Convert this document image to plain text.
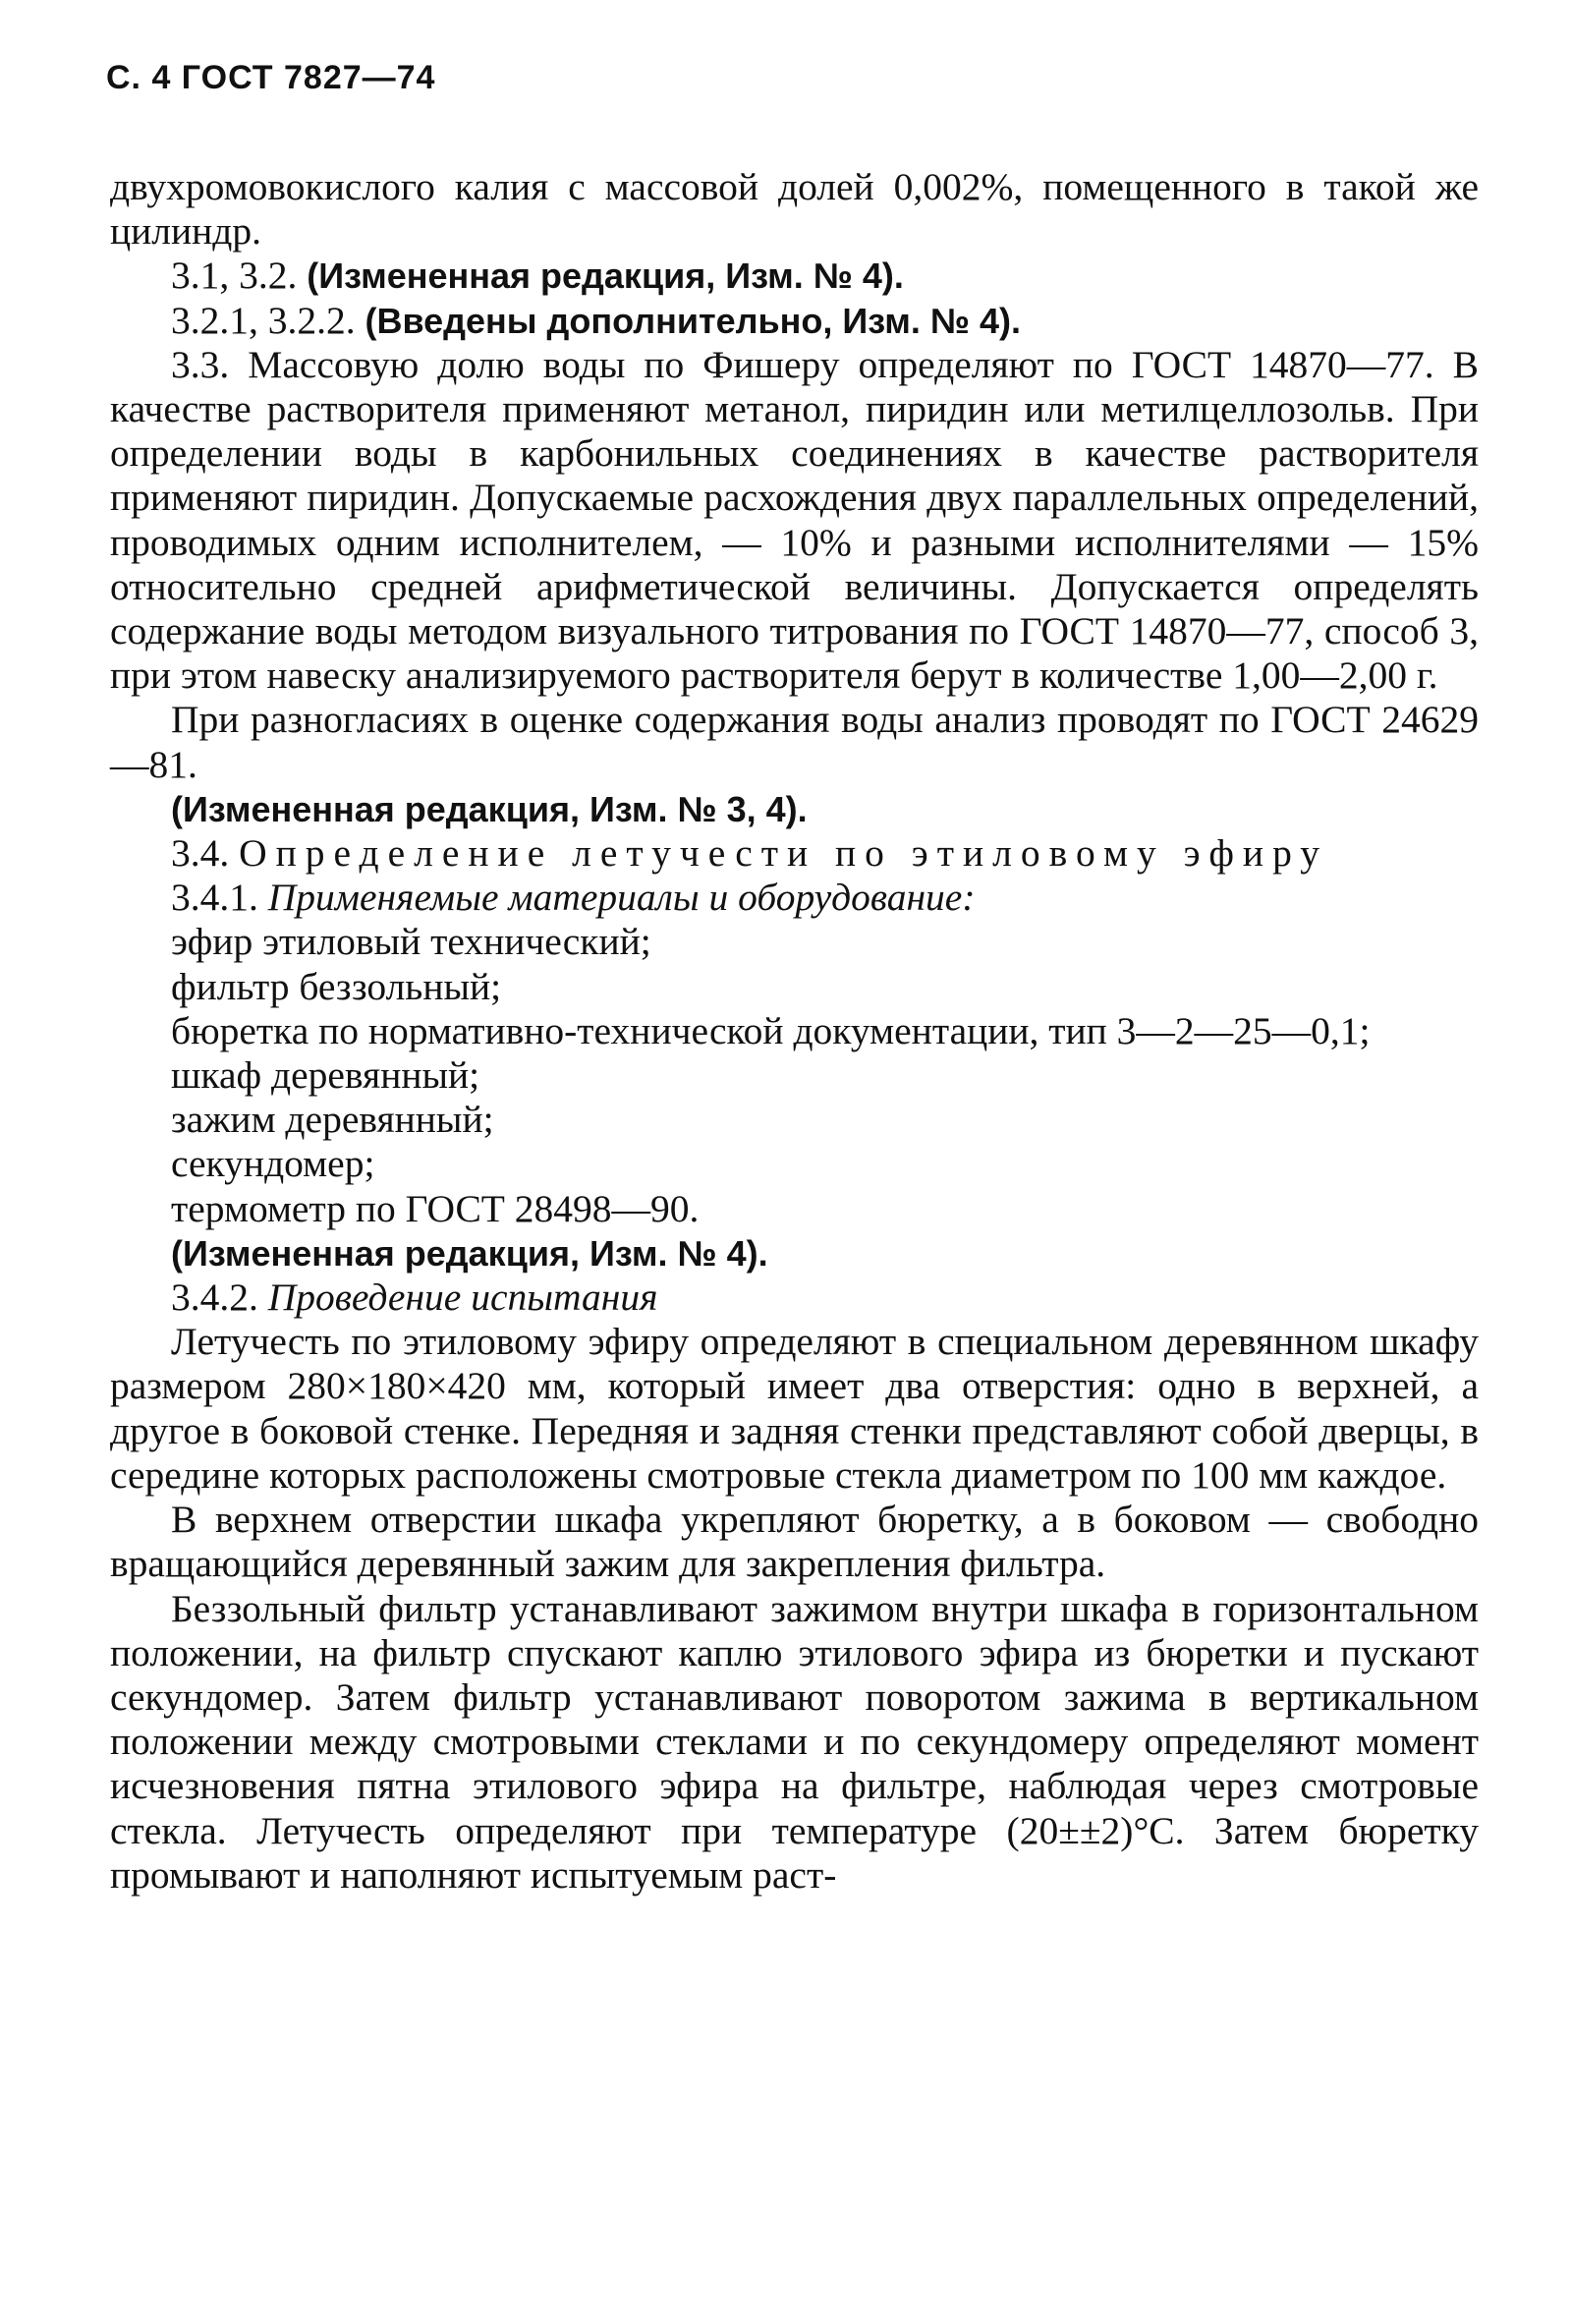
С. 4 ГОСТ 7827—74

двухромовокислого калия с массовой долей 0,002%, помещенного в такой же цилиндр.

3.1, 3.2. (Измененная редакция, Изм. № 4).

3.2.1, 3.2.2. (Введены дополнительно, Изм. № 4).

3.3. Массовую долю воды по Фишеру определяют по ГОСТ 14870—77. В качестве растворителя применяют метанол, пиридин или метилцеллозольв. При определении воды в карбонильных соединениях в качестве растворителя применяют пиридин. Допускаемые расхождения двух параллельных определений, проводимых одним исполнителем, — 10% и разными исполнителями — 15% относительно средней арифметической величины. Допускается определять содержание воды методом визуального титрования по ГОСТ 14870—77, способ 3, при этом навеску анализируемого растворителя берут в количестве 1,00—2,00 г.

При разногласиях в оценке содержания воды анализ проводят по ГОСТ 24629—81.

(Измененная редакция, Изм. № 3, 4).

3.4. Определение летучести по этиловому эфиру

3.4.1. Применяемые материалы и оборудование:

эфир этиловый технический;

фильтр беззольный;

бюретка по нормативно-технической документации, тип 3—2—25—0,1;

шкаф деревянный;

зажим деревянный;

секундомер;

термометр по ГОСТ 28498—90.

(Измененная редакция, Изм. № 4).

3.4.2. Проведение испытания

Летучесть по этиловому эфиру определяют в специальном деревянном шкафу размером 280×180×420 мм, который имеет два отверстия: одно в верхней, а другое в боковой стенке. Передняя и задняя стенки представляют собой дверцы, в середине которых расположены смотровые стекла диаметром по 100 мм каждое.

В верхнем отверстии шкафа укрепляют бюретку, а в боковом — свободно вращающийся деревянный зажим для закрепления фильтра.

Беззольный фильтр устанавливают зажимом внутри шкафа в горизонтальном положении, на фильтр спускают каплю этилового эфира из бюретки и пускают секундомер. Затем фильтр устанавливают поворотом зажима в вертикальном положении между смотровыми стеклами и по секундомеру определяют момент исчезновения пятна этилового эфира на фильтре, наблюдая через смотровые стекла. Летучесть определяют при температуре (20±±2)°С. Затем бюретку промывают и наполняют испытуемым раст-
